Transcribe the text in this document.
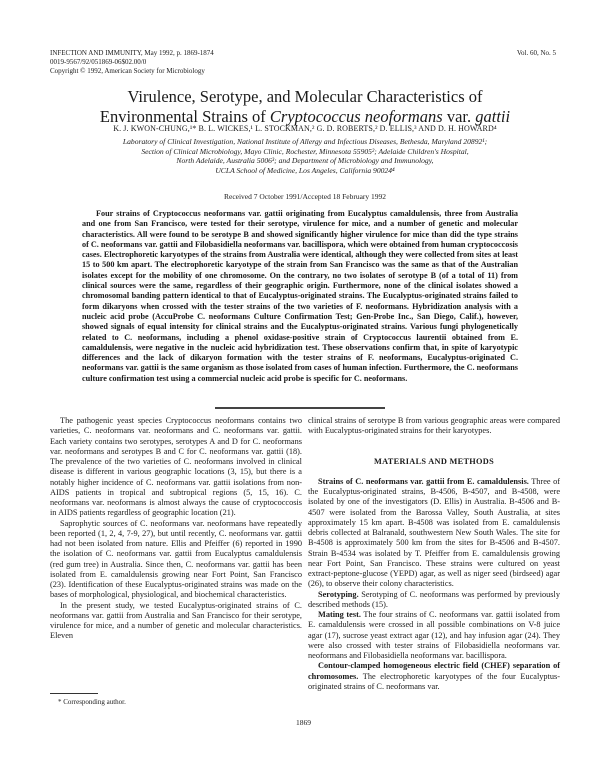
INFECTION AND IMMUNITY, May 1992, p. 1869-1874
0019-9567/92/051869-06$02.00/0
Copyright © 1992, American Society for Microbiology
Vol. 60, No. 5
Virulence, Serotype, and Molecular Characteristics of
Environmental Strains of Cryptococcus neoformans var. gattii
K. J. KWON-CHUNG,¹* B. L. WICKES,¹ L. STOCKMAN,² G. D. ROBERTS,² D. ELLIS,³ AND D. H. HOWARD⁴
Laboratory of Clinical Investigation, National Institute of Allergy and Infectious Diseases, Bethesda, Maryland 20892¹;
Section of Clinical Microbiology, Mayo Clinic, Rochester, Minnesota 55905²; Adelaide Children's Hospital,
North Adelaide, Australia 5006³; and Department of Microbiology and Immunology,
UCLA School of Medicine, Los Angeles, California 90024⁴
Received 7 October 1991/Accepted 18 February 1992

Four strains of Cryptococcus neoformans var. gattii originating from Eucalyptus camaldulensis, three from Australia and one from San Francisco, were tested for their serotype, virulence for mice, and a number of genetic and molecular characteristics. All were found to be serotype B and showed significantly higher virulence for mice than did the type strains of C. neoformans var. gattii and Filobasidiella neoformans var. bacillispora, which were obtained from human cryptococcosis cases. Electrophoretic karyotypes of the strains from Australia were identical, although they were collected from sites at least 15 to 500 km apart. The electrophoretic karyotype of the strain from San Francisco was the same as that of the Australian isolates except for the mobility of one chromosome. On the contrary, no two isolates of serotype B (of a total of 11) from clinical sources were the same, regardless of their geographic origin. Furthermore, none of the clinical isolates showed a chromosomal banding pattern identical to that of Eucalyptus-originated strains. The Eucalyptus-originated strains failed to form dikaryons when crossed with the tester strains of the two varieties of F. neoformans. Hybridization analysis with a nucleic acid probe (AccuProbe C. neoformans Culture Confirmation Test; Gen-Probe Inc., San Diego, Calif.), however, showed signals of equal intensity for clinical strains and the Eucalyptus-originated strains. Various fungi phylogenetically related to C. neoformans, including a phenol oxidase-positive strain of Cryptococcus laurentii obtained from E. camaldulensis, were negative in the nucleic acid hybridization test. These observations confirm that, in spite of karyotypic differences and the lack of dikaryon formation with the tester strains of F. neoformans, Eucalyptus-originated C. neoformans var. gattii is the same organism as those isolated from cases of human infection. Furthermore, the C. neoformans culture confirmation test using a commercial nucleic acid probe is specific for C. neoformans.

The pathogenic yeast species Cryptococcus neoformans contains two varieties, C. neoformans var. neoformans and C. neoformans var. gattii. Each variety contains two serotypes, serotypes A and D for C. neoformans var. neoformans and serotypes B and C for C. neoformans var. gattii (18). The prevalence of the two varieties of C. neoformans involved in clinical disease is different in various geographic locations (3, 15), but there is a notably higher incidence of C. neoformans var. gattii isolations from non-AIDS patients in tropical and subtropical regions (5, 15, 16). C. neoformans var. neoformans is almost always the cause of cryptococcosis in AIDS patients regardless of geographic location (21).

Saprophytic sources of C. neoformans var. neoformans have repeatedly been reported (1, 2, 4, 7-9, 27), but until recently, C. neoformans var. gattii had not been isolated from nature. Ellis and Pfeiffer (6) reported in 1990 the isolation of C. neoformans var. gattii from Eucalyptus camaldulensis (red gum tree) in Australia. Since then, C. neoformans var. gattii has been isolated from E. camaldulensis growing near Fort Point, San Francisco (23). Identification of these Eucalyptus-originated strains was made on the bases of morphological, physiological, and biochemical characteristics.

In the present study, we tested Eucalyptus-originated strains of C. neoformans var. gattii from Australia and San Francisco for their serotype, virulence for mice, and a number of genetic and molecular characteristics. Eleven

clinical strains of serotype B from various geographic areas were compared with Eucalyptus-originated strains for their karyotypes.

MATERIALS AND METHODS

Strains of C. neoformans var. gattii from E. camaldulensis. Three of the Eucalyptus-originated strains, B-4506, B-4507, and B-4508, were isolated by one of the investigators (D. Ellis) in Australia. B-4506 and B-4507 were isolated from the Barossa Valley, South Australia, at sites approximately 15 km apart. B-4508 was isolated from E. camaldulensis debris collected at Balranald, southwestern New South Wales. The site for B-4508 is approximately 500 km from the sites for B-4506 and B-4507. Strain B-4534 was isolated by T. Pfeiffer from E. camaldulensis growing near Fort Point, San Francisco. These strains were cultured on yeast extract-peptone-glucose (YEPD) agar, as well as niger seed (birdseed) agar (26), to observe their colony characteristics.

Serotyping. Serotyping of C. neoformans was performed by previously described methods (15).

Mating test. The four strains of C. neoformans var. gattii isolated from E. camaldulensis were crossed in all possible combinations on V-8 juice agar (17), sucrose yeast extract agar (12), and hay infusion agar (24). They were also crossed with tester strains of Filobasidiella neoformans var. neoformans and Filobasidiella neoformans var. bacillispora.

Contour-clamped homogeneous electric field (CHEF) separation of chromosomes. The electrophoretic karyotypes of the four Eucalyptus-originated strains of C. neoformans var.

* Corresponding author.
1869
